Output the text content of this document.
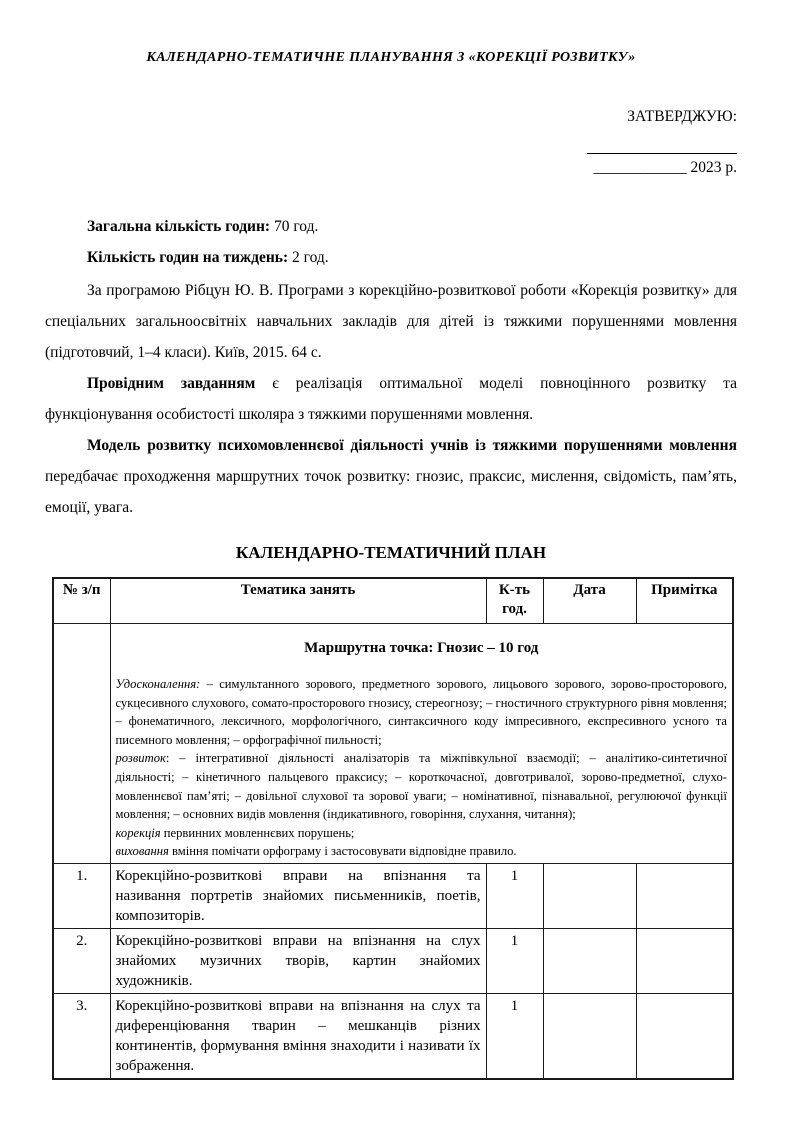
КАЛЕНДАРНО-ТЕМАТИЧНЕ ПЛАНУВАННЯ З «КОРЕКЦІЇ РОЗВИТКУ»
ЗАТВЕРДЖУЮ:
____________ 2023 р.

Загальна кількість годин: 70 год.

Кількість годин на тиждень: 2 год.

За програмою Рібцун Ю. В. Програми з корекційно-розвиткової роботи «Корекція розвитку» для спеціальних загальноосвітніх навчальних закладів для дітей із тяжкими порушеннями мовлення (підготовчий, 1–4 класи). Київ, 2015. 64 с.

Провідним завданням є реалізація оптимальної моделі повноцінного розвитку та функціонування особистості школяра з тяжкими порушеннями мовлення.

Модель розвитку психомовленнєвої діяльності учнів із тяжкими порушеннями мовлення передбачає проходження маршрутних точок розвитку: гнозис, праксис, мислення, свідомість, пам’ять, емоції, увага.

КАЛЕНДАРНО-ТЕМАТИЧНИЙ ПЛАН
№ з/п	Тематика занять	К-ть год.	Дата	Примітка

	Маршрутна точка: Гнозис – 10 год

Удосконалення: – симультанного зорового, предметного зорового, лицьового зорового, зорово-просторового, сукцесивного слухового, сомато-просторового гнозису, стереогнозу; – гностичного структурного рівня мовлення; – фонематичного, лексичного, морфологічного, синтаксичного коду імпресивного, експресивного усного та писемного мовлення; – орфографічної пильності;

розвиток: – інтегративної діяльності аналізаторів та міжпівкульної взаємодії; – аналітико-синтетичної діяльності; – кінетичного пальцевого праксису; – короткочасної, довготривалої, зорово-предметної, слухо-мовленнєвої пам’яті; – довільної слухової та зорової уваги; – номінативної, пізнавальної, регулюючої функції мовлення; – основних видів мовлення (індикативного, говоріння, слухання, читання);

корекція первинних мовленнєвих порушень;

виховання вміння помічати орфограму і застосовувати відповідне правило.			

1.	Корекційно-розвиткові вправи на впізнання та називання портретів знайомих письменників, поетів, композиторів.	1		
2.	Корекційно-розвиткові вправи на впізнання на слух знайомих музичних творів, картин знайомих художників.	1		
3.	Корекційно-розвиткові вправи на впізнання на слух та диференціювання тварин – мешканців різних континентів, формування вміння знаходити і називати їх зображення.	1		
